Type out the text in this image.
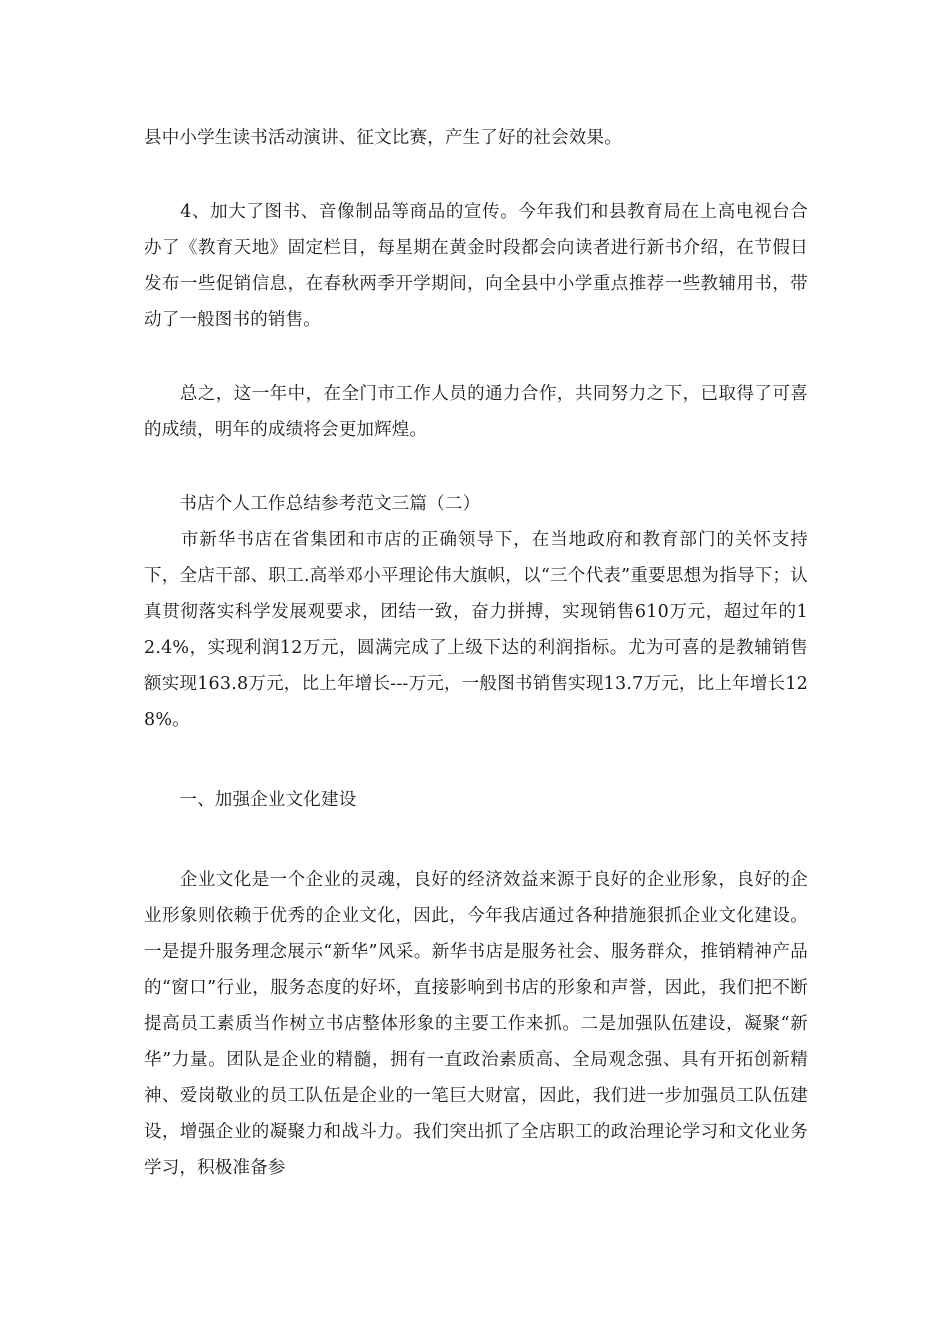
县中小学生读书活动演讲、征文比赛，产生了好的社会效果。

　　4、加大了图书、音像制品等商品的宣传。今年我们和县教育局在上高电视台合办了《教育天地》固定栏目，每星期在黄金时段都会向读者进行新书介绍，在节假日发布一些促销信息，在春秋两季开学期间，向全县中小学重点推荐一些教辅用书，带动了一般图书的销售。

　　总之，这一年中，在全门市工作人员的通力合作，共同努力之下，已取得了可喜的成绩，明年的成绩将会更加辉煌。

　　书店个人工作总结参考范文三篇（二）

　　市新华书店在省集团和市店的正确领导下，在当地政府和教育部门的关怀支持下，全店干部、职工.高举邓小平理论伟大旗帜，以“三个代表”重要思想为指导下；认真贯彻落实科学发展观要求，团结一致，奋力拼搏，实现销售610万元，超过年的12.4%，实现利润12万元，圆满完成了上级下达的利润指标。尤为可喜的是教辅销售额实现163.8万元，比上年增长---万元，一般图书销售实现13.7万元，比上年增长128%。

　　一、加强企业文化建设

　　企业文化是一个企业的灵魂，良好的经济效益来源于良好的企业形象，良好的企业形象则依赖于优秀的企业文化，因此，今年我店通过各种措施狠抓企业文化建设。一是提升服务理念展示“新华”风采。新华书店是服务社会、服务群众，推销精神产品的“窗口”行业，服务态度的好坏，直接影响到书店的形象和声誉，因此，我们把不断提高员工素质当作树立书店整体形象的主要工作来抓。二是加强队伍建设，凝聚“新华”力量。团队是企业的精髓，拥有一直政治素质高、全局观念强、具有开拓创新精神、爱岗敬业的员工队伍是企业的一笔巨大财富，因此，我们进一步加强员工队伍建设，增强企业的凝聚力和战斗力。我们突出抓了全店职工的政治理论学习和文化业务学习，积极准备参
